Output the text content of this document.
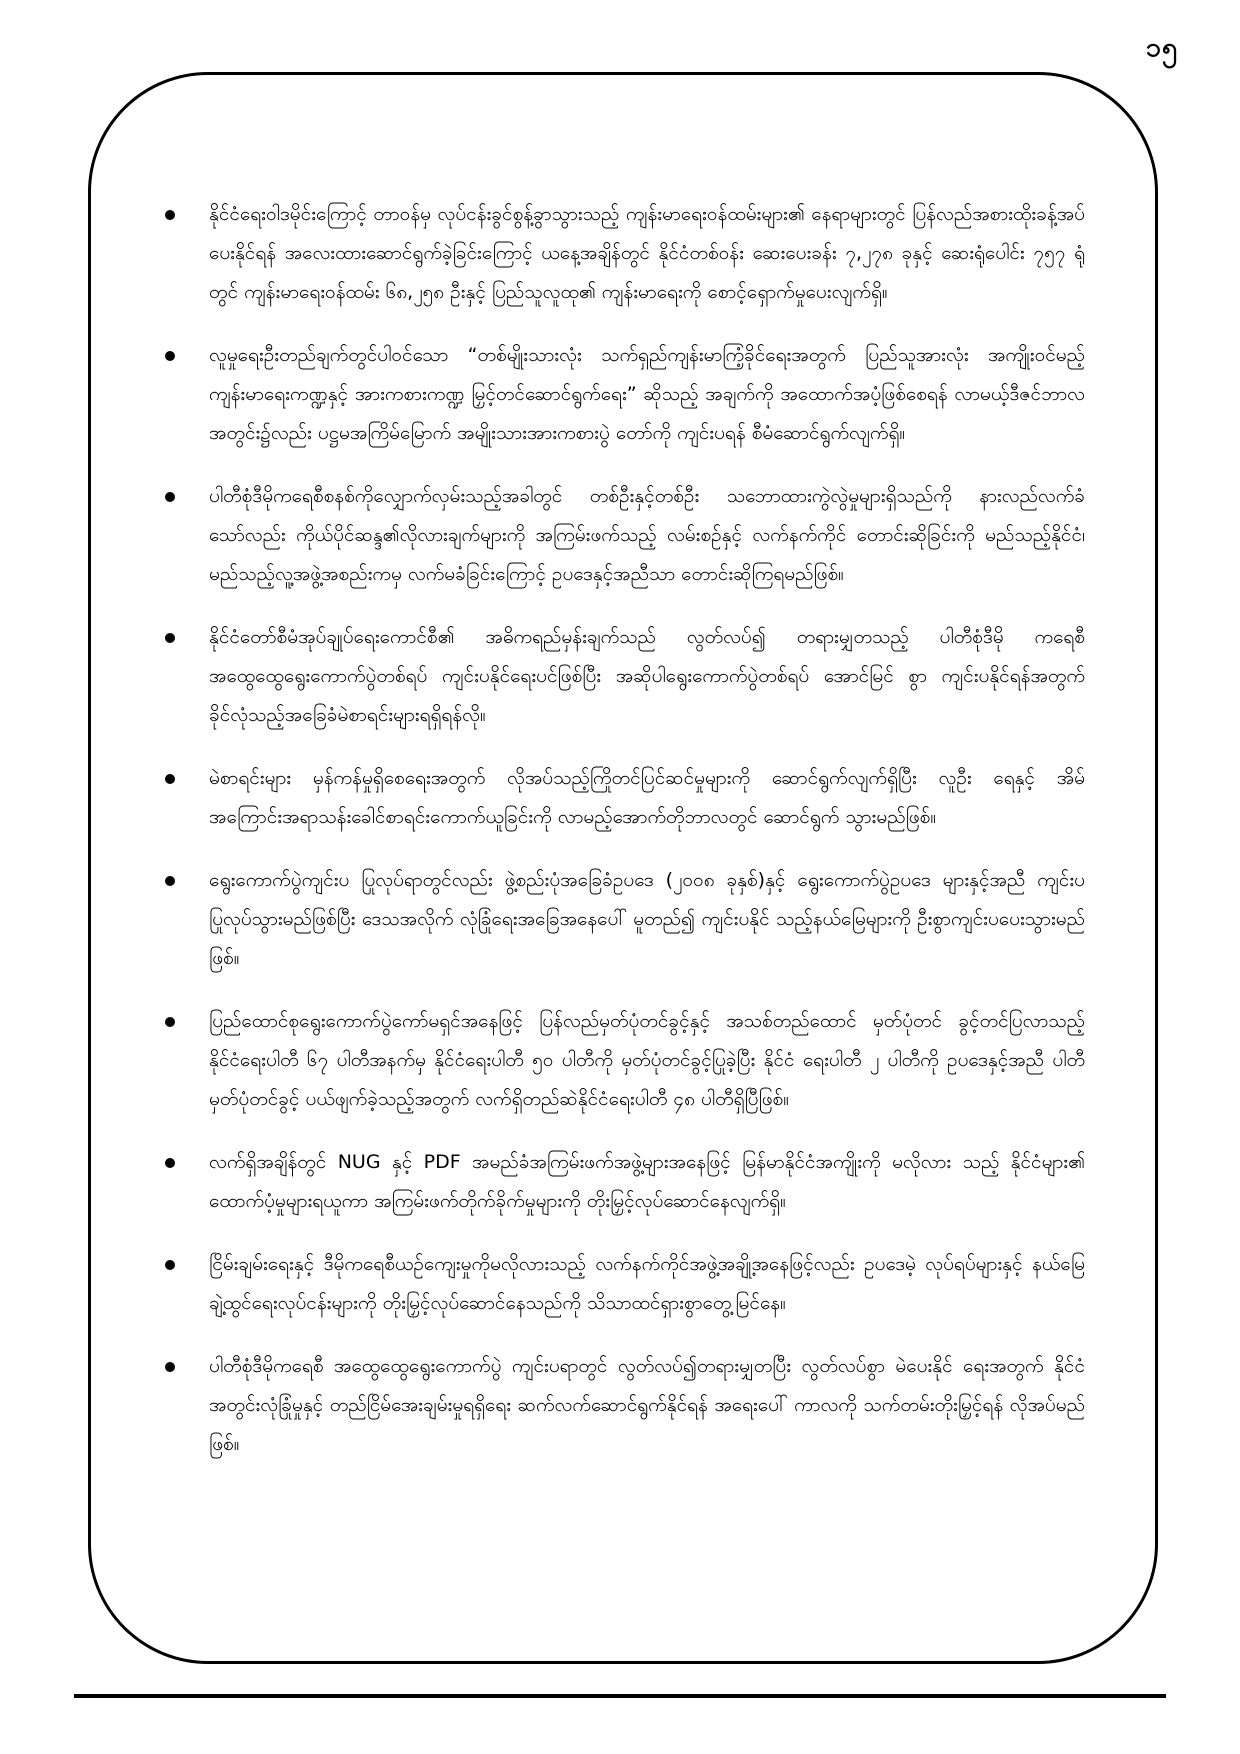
၁၅
နိုင်ငံရေးဝါဒမိုင်းကြောင့် တာဝန်မှ လုပ်ငန်းခွင်စွန့်ခွာသွားသည့် ကျန်းမာရေးဝန်ထမ်းများ၏ နေရာများတွင် ပြန်လည်အစားထိုးခန့်အပ်ပေးနိုင်ရန် အလေးထားဆောင်ရွက်ခဲ့ခြင်းကြောင့် ယနေ့အချိန်တွင် နိုင်ငံတစ်ဝန်း ဆေးပေးခန်း ၇,၂၇၈ ခုနှင့် ဆေးရုံပေါင်း ၇၅၇ ရုံတွင် ကျန်းမာရေးဝန်ထမ်း ၆၈,၂၅၈ ဦးနှင့် ပြည်သူလူထု၏ ကျန်းမာရေးကို စောင့်ရှောက်မှုပေးလျက်ရှိ။
လူမှုရေးဦးတည်ချက်တွင်ပါဝင်သော “တစ်မျိုးသားလုံး သက်ရှည်ကျန်းမာကြံ့ခိုင်ရေးအတွက် ပြည်သူအားလုံး အကျိုးဝင်မည့် ကျန်းမာရေးကဏ္ဍနှင့် အားကစားကဏ္ဍ မြှင့်တင်ဆောင်ရွက်ရေး” ဆိုသည့် အချက်ကို အထောက်အပံ့ဖြစ်စေရန် လာမယ့်ဒီဇင်ဘာလအတွင်း၌လည်း ပဋ္ဌမအကြိမ်မြောက် အမျိုးသားအားကစားပွဲ တော်ကို ကျင်းပရန် စီမံဆောင်ရွက်လျက်ရှိ။
ပါတီစုံဒီမိုကရေစီစနစ်ကိုလျှောက်လှမ်းသည့်အခါတွင် တစ်ဦးနှင့်တစ်ဦး သဘောထားကွဲလွဲမှုများရှိသည်ကို နားလည်လက်ခံသော်လည်း ကိုယ်ပိုင်ဆန္ဒ၏လိုလားချက်များကို အကြမ်းဖက်သည့် လမ်းစဉ်နှင့် လက်နက်ကိုင် တောင်းဆိုခြင်းကို မည်သည့်နိုင်ငံ၊ မည်သည့်လူ့အဖွဲ့အစည်းကမှ လက်မခံခြင်းကြောင့် ဥပဒေနှင့်အညီသာ တောင်းဆိုကြရမည်ဖြစ်။
နိုင်ငံတော်စီမံအုပ်ချုပ်ရေးကောင်စီ၏ အဓိကရည်မှန်းချက်သည် လွတ်လပ်၍ တရားမျှတသည့် ပါတီစုံဒီမို ကရေစီအထွေထွေရွေးကောက်ပွဲတစ်ရပ် ကျင်းပနိုင်ရေးပင်ဖြစ်ပြီး အဆိုပါရွေးကောက်ပွဲတစ်ရပ် အောင်မြင် စွာ ကျင်းပနိုင်ရန်အတွက် ခိုင်လုံသည့်အခြေခံမဲစာရင်းများရရှိရန်လို။
မဲစာရင်းများ မှန်ကန်မှုရှိစေရေးအတွက် လိုအပ်သည့်ကြိုတင်ပြင်ဆင်မှုများကို ဆောင်ရွက်လျက်ရှိပြီး လူဦး ရေနှင့် အိမ်အကြောင်းအရာသန်းခေါင်စာရင်းကောက်ယူခြင်းကို လာမည့်အောက်တိုဘာလတွင် ဆောင်ရွက် သွားမည်ဖြစ်။
ရွေးကောက်ပွဲကျင်းပ ပြုလုပ်ရာတွင်လည်း ဖွဲ့စည်းပုံအခြေခံဥပဒေ (၂၀၀၈ ခုနှစ်)နှင့် ရွေးကောက်ပွဲဥပဒေ များနှင့်အညီ ကျင်းပပြုလုပ်သွားမည်ဖြစ်ပြီး ဒေသအလိုက် လုံခြုံရေးအခြေအနေပေါ် မူတည်၍ ကျင်းပနိုင် သည့်နယ်မြေများကို ဦးစွာကျင်းပပေးသွားမည်ဖြစ်။
ပြည်ထောင်စုရွေးကောက်ပွဲကော်မရှင်အနေဖြင့် ပြန်လည်မှတ်ပုံတင်ခွင့်နှင့် အသစ်တည်ထောင် မှတ်ပုံတင် ခွင့်တင်ပြလာသည့် နိုင်ငံရေးပါတီ ၆၇ ပါတီအနက်မှ နိုင်ငံရေးပါတီ ၅၀ ပါတီကို မှတ်ပုံတင်ခွင့်ပြုခဲ့ပြီး နိုင်ငံ ရေးပါတီ ၂ ပါတီကို ဥပဒေနှင့်အညီ ပါတီမှတ်ပုံတင်ခွင့် ပယ်ဖျက်ခဲ့သည့်အတွက် လက်ရှိတည်ဆဲနိုင်ငံရေးပါတီ ၄၈ ပါတီရှိပြီဖြစ်။
လက်ရှိအချိန်တွင် NUG နှင့် PDF အမည်ခံအကြမ်းဖက်အဖွဲ့များအနေဖြင့် မြန်မာနိုင်ငံအကျိုးကို မလိုလား သည့် နိုင်ငံများ၏ ထောက်ပံ့မှုများရယူကာ အကြမ်းဖက်တိုက်ခိုက်မှုများကို တိုးမြှင့်လုပ်ဆောင်နေလျက်ရှိ။
ငြိမ်းချမ်းရေးနှင့် ဒီမိုကရေစီယဉ်ကျေးမှုကိုမလိုလားသည့် လက်နက်ကိုင်အဖွဲ့အချို့အနေဖြင့်လည်း ဥပဒေမဲ့ လုပ်ရပ်များနှင့် နယ်မြေချဲ့ထွင်ရေးလုပ်ငန်းများကို တိုးမြှင့်လုပ်ဆောင်နေသည်ကို သိသာထင်ရှားစွာတွေ့မြင်နေ။
ပါတီစုံဒီမိုကရေစီ အထွေထွေရွေးကောက်ပွဲ ကျင်းပရာတွင် လွတ်လပ်၍တရားမျှတပြီး လွတ်လပ်စွာ မဲပေးနိုင် ရေးအတွက် နိုင်ငံအတွင်းလုံခြုံမှုနှင့် တည်ငြိမ်အေးချမ်းမှုရရှိရေး ဆက်လက်ဆောင်ရွက်နိုင်ရန် အရေးပေါ် ကာလကို သက်တမ်းတိုးမြှင့်ရန် လိုအပ်မည်ဖြစ်။
